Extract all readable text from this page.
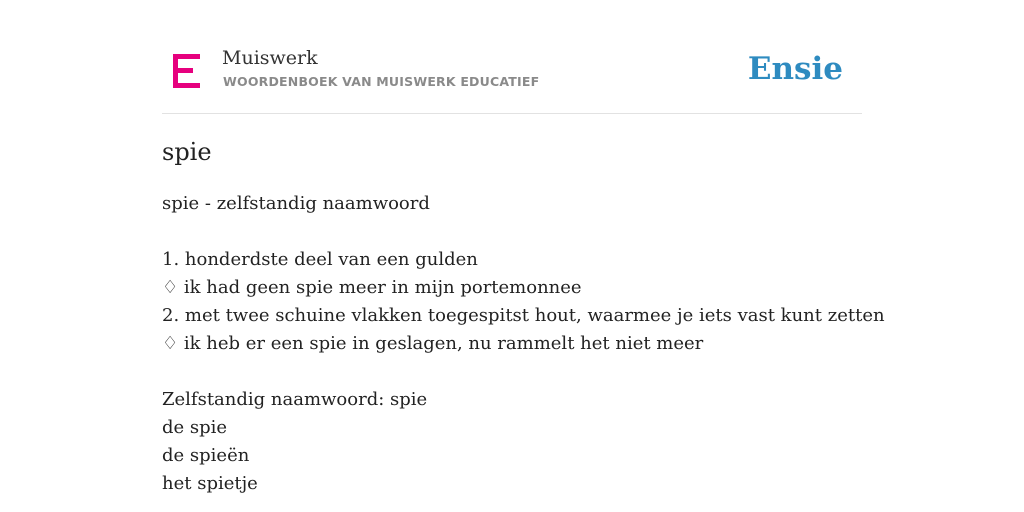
Muiswerk
WOORDENBOEK VAN MUISWERK EDUCATIEF	Ensie
spie
spie - zelfstandig naamwoord
1. honderdste deel van een gulden
♢ ik had geen spie meer in mijn portemonnee
2. met twee schuine vlakken toegespitst hout, waarmee je iets vast kunt zetten
♢ ik heb er een spie in geslagen, nu rammelt het niet meer
Zelfstandig naamwoord: spie
de spie
de spieën
het spietje
